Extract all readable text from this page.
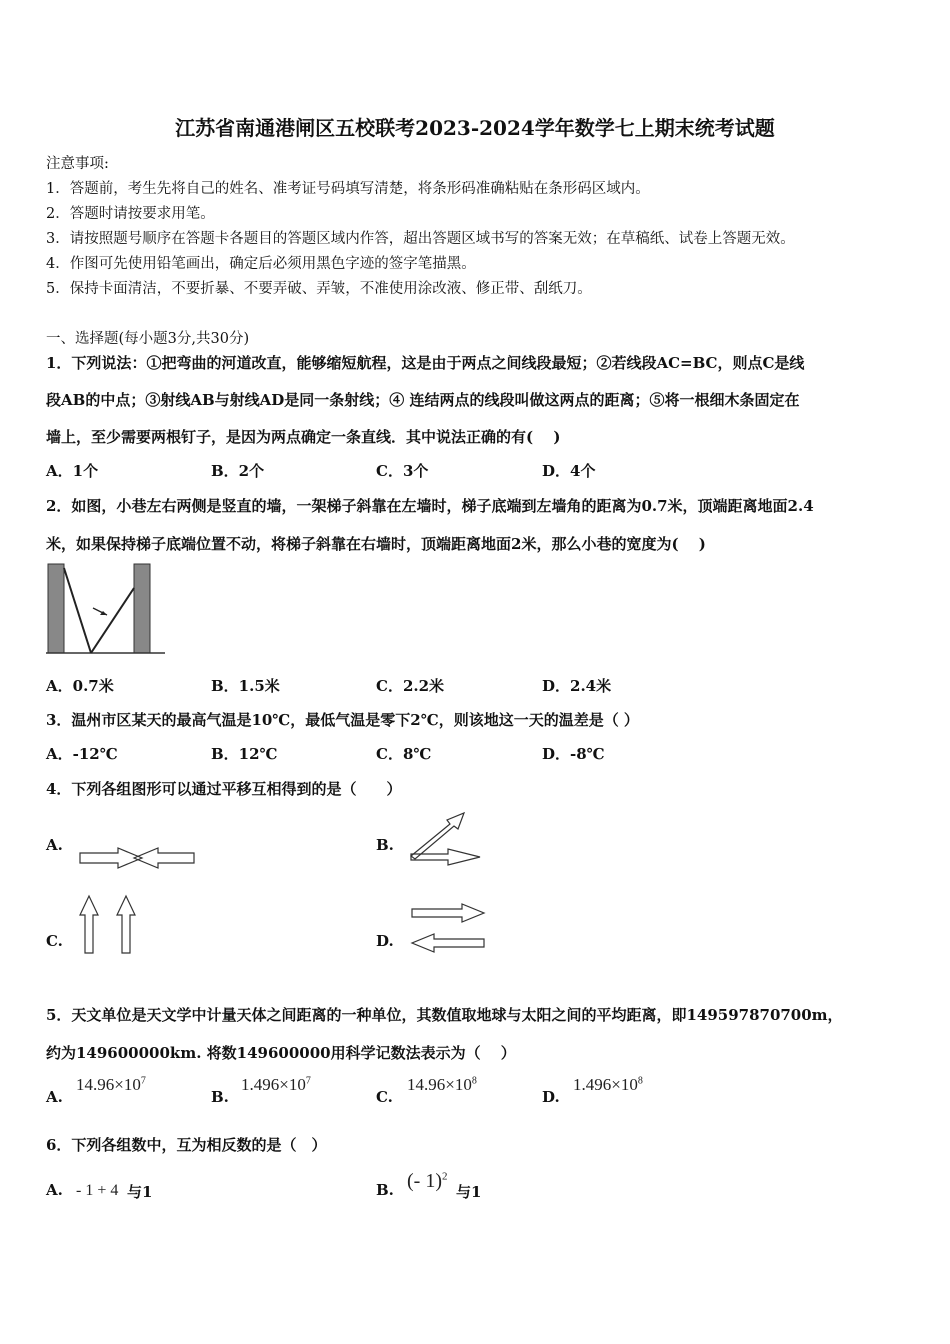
江苏省南通港闸区五校联考2023-2024学年数学七上期末统考试题
注意事项:
1．答题前，考生先将自己的姓名、准考证号码填写清楚，将条形码准确粘贴在条形码区域内。
2．答题时请按要求用笔。
3．请按照题号顺序在答题卡各题目的答题区域内作答，超出答题区域书写的答案无效；在草稿纸、试卷上答题无效。
4．作图可先使用铅笔画出，确定后必须用黑色字迹的签字笔描黑。
5．保持卡面清洁，不要折暴、不要弄破、弄皱，不准使用涂改液、修正带、刮纸刀。
一、选择题(每小题3分,共30分)
1．下列说法：①把弯曲的河道改直，能够缩短航程，这是由于两点之间线段最短；②若线段AC=BC，则点C是线
段AB的中点；③射线AB与射线AD是同一条射线；④ 连结两点的线段叫做这两点的距离；⑤将一根细木条固定在
墙上，至少需要两根钉子，是因为两点确定一条直线．其中说法正确的有(　 )
A．1个	B．2个	C．3个	D．4个
2．如图，小巷左右两侧是竖直的墙，一架梯子斜靠在左墙时，梯子底端到左墙角的距离为0.7米，顶端距离地面2.4
米，如果保持梯子底端位置不动，将梯子斜靠在右墙时，顶端距离地面2米，那么小巷的宽度为(　 )
A．0.7米	B．1.5米	C．2.2米	D．2.4米
3．温州市区某天的最高气温是10℃，最低气温是零下2℃，则该地这一天的温差是（ ）
A．-12℃	B．12℃	C．8℃	D．-8℃
4．下列各组图形可以通过平移互相得到的是（　　）
A.	B.
C.	D.
5．天文单位是天文学中计量天体之间距离的一种单位，其数值取地球与太阳之间的平均距离，即149597870700m，
约为149600000km. 将数149600000用科学记数法表示为（　 ）
A.
$14.96\times 10^7$
B.
$1.496\times 10^7$
C.
$14.96\times 10^8$
D.
$1.496\times 10^8$
6．下列各组数中，互为相反数的是（　）
A. - 1 + 4 与1	B. (- 1)$^2$
与1
